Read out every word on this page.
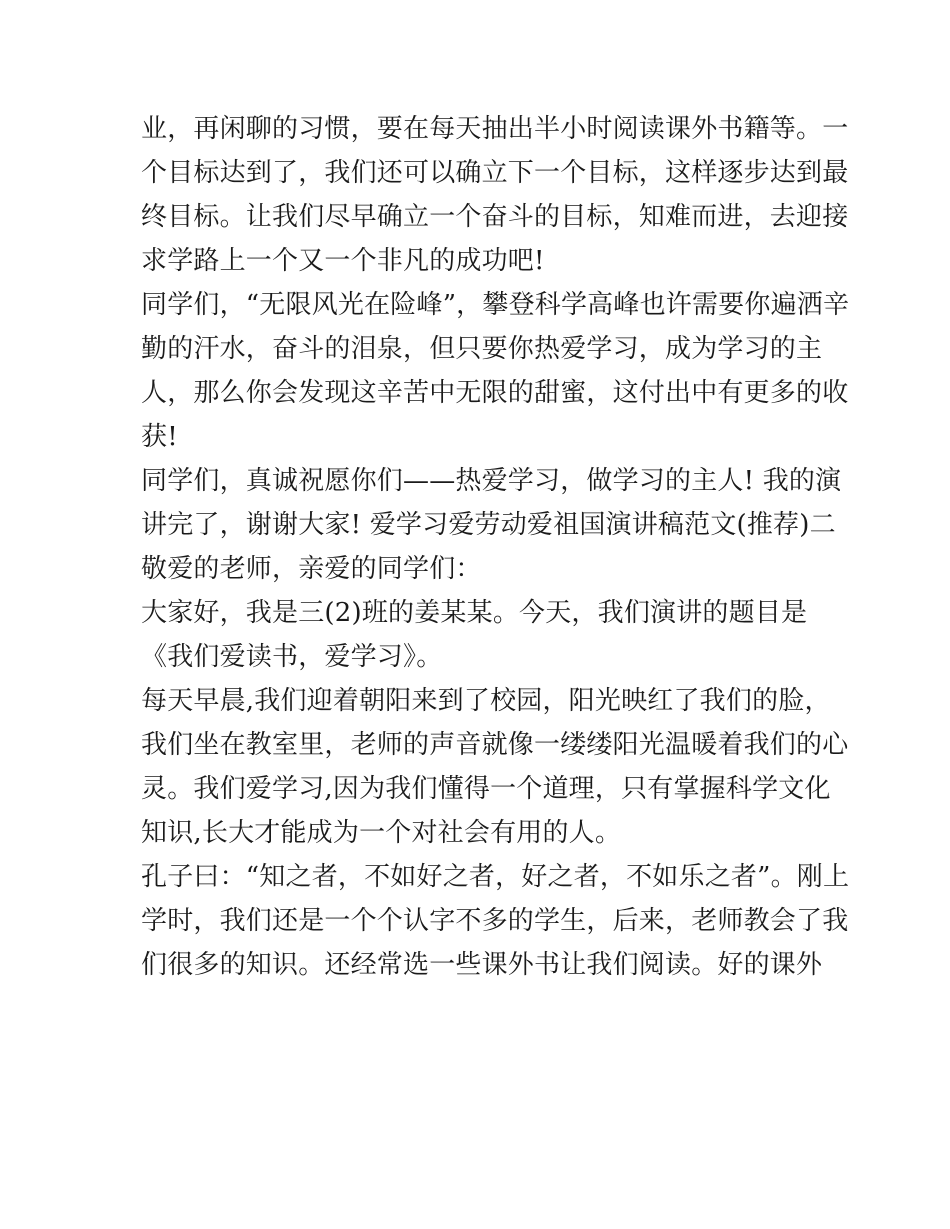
业，再闲聊的习惯，要在每天抽出半小时阅读课外书籍等。一
个目标达到了，我们还可以确立下一个目标，这样逐步达到最
终目标。让我们尽早确立一个奋斗的目标，知难而进，去迎接
求学路上一个又一个非凡的成功吧!
同学们，“无限风光在险峰”，攀登科学高峰也许需要你遍洒辛
勤的汗水，奋斗的泪泉，但只要你热爱学习，成为学习的主
人，那么你会发现这辛苦中无限的甜蜜，这付出中有更多的收
获!
同学们，真诚祝愿你们——热爱学习，做学习的主人! 我的演
讲完了，谢谢大家! 爱学习爱劳动爱祖国演讲稿范文(推荐)二
敬爱的老师，亲爱的同学们：
大家好，我是三(2)班的姜某某。今天，我们演讲的题目是
《我们爱读书，爱学习》。
每天早晨,我们迎着朝阳来到了校园，阳光映红了我们的脸，
我们坐在教室里，老师的声音就像一缕缕阳光温暖着我们的心
灵。我们爱学习,因为我们懂得一个道理，只有掌握科学文化
知识,长大才能成为一个对社会有用的人。
孔子曰：“知之者，不如好之者，好之者，不如乐之者”。刚上
学时，我们还是一个个认字不多的学生，后来，老师教会了我
们很多的知识。还经常选一些课外书让我们阅读。好的课外
